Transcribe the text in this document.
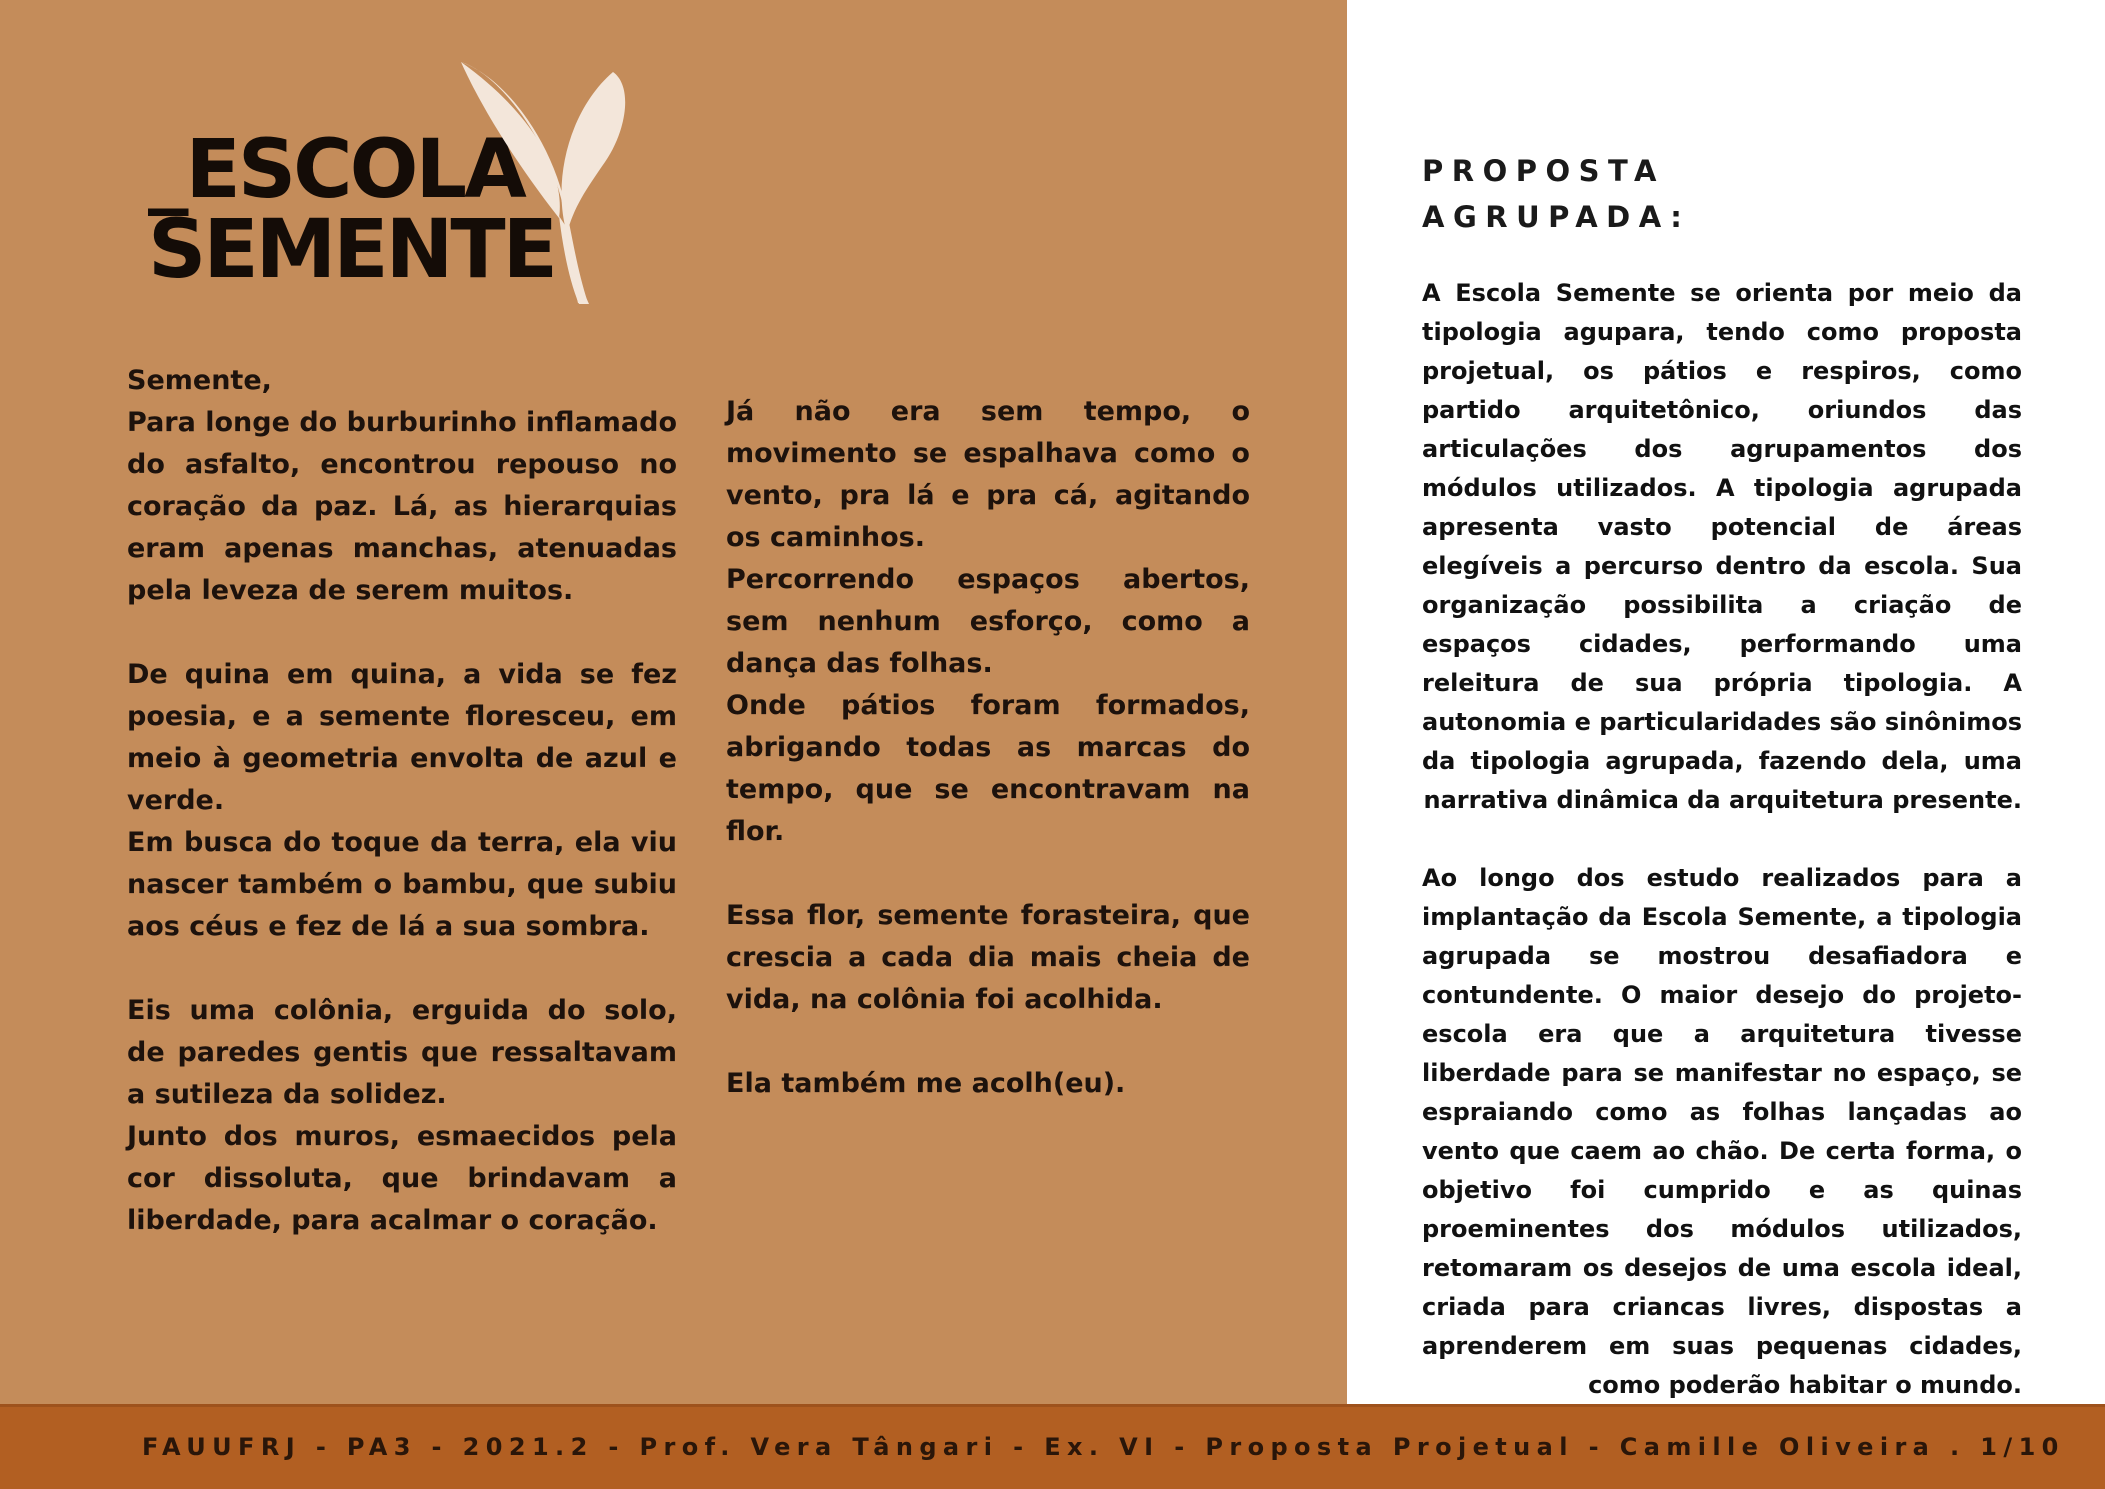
_ESCOLA
SEMENTE

Semente,

Para longe do burburinho inflamado do asfalto, encontrou repouso no coração da paz. Lá, as hierarquias eram apenas manchas, atenuadas pela leveza de serem muitos.

De quina em quina, a vida se fez poesia, e a semente floresceu, em meio à geometria envolta de azul e verde.

Em busca do toque da terra, ela viu nascer também o bambu, que subiu aos céus e fez de lá a sua sombra.

Eis uma colônia, erguida do solo, de paredes gentis que ressaltavam a sutileza da solidez.

Junto dos muros, esmaecidos pela cor dissoluta, que brindavam a liberdade, para acalmar o coração.

Já não era sem tempo, o movimento se espalhava como o vento, pra lá e pra cá, agitando os caminhos.

Percorrendo espaços abertos, sem nenhum esforço, como a dança das folhas.

Onde pátios foram formados, abrigando todas as marcas do tempo, que se encontravam na flor.

Essa flor, semente forasteira, que crescia a cada dia mais cheia de vida, na colônia foi acolhida.

Ela também me acolh(eu).

PROPOSTA
AGRUPADA:

A Escola Semente se orienta por meio da tipologia agupara, tendo como proposta projetual, os pátios e respiros, como partido arquitetônico, oriundos das articulações dos agrupamentos dos módulos utilizados. A tipologia agrupada apresenta vasto potencial de áreas elegíveis a percurso dentro da escola. Sua organização possibilita a criação de espaços cidades, performando uma releitura de sua própria tipologia. A autonomia e particularidades são sinônimos da tipologia agrupada, fazendo dela, uma narrativa dinâmica da arquitetura presente.

Ao longo dos estudo realizados para a implantação da Escola Semente, a tipologia agrupada se mostrou desafiadora e contundente. O maior desejo do projeto-escola era que a arquitetura tivesse liberdade para se manifestar no espaço, se espraiando como as folhas lançadas ao vento que caem ao chão. De certa forma, o objetivo foi cumprido e as quinas proeminentes dos módulos utilizados, retomaram os desejos de uma escola ideal, criada para criancas livres, dispostas a aprenderem em suas pequenas cidades, como poderão habitar o mundo.

FAUUFRJ - PA3 - 2021.2 - Prof. Vera Tângari - Ex. VI - Proposta Projetual - Camille Oliveira . 1/10
